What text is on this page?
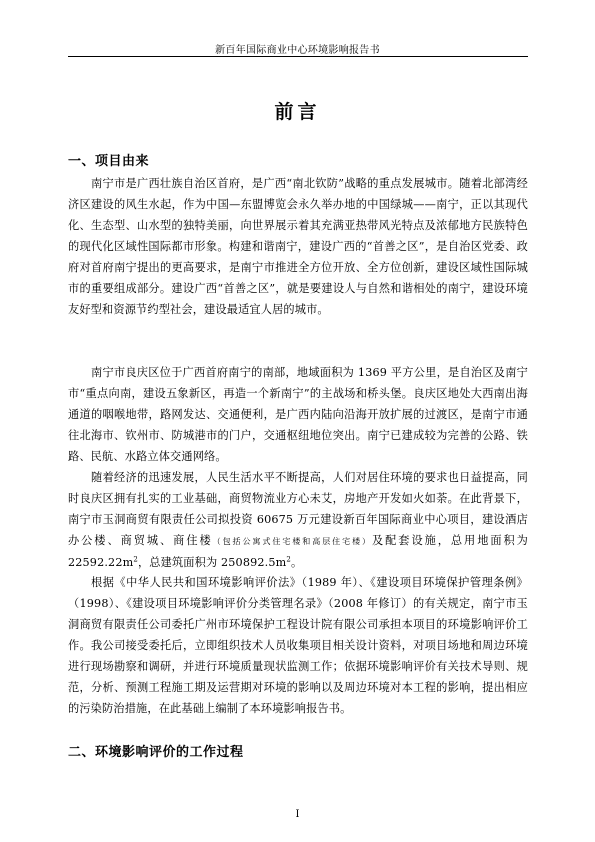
新百年国际商业中心环境影响报告书
前言
一、项目由来

南宁市是广西壮族自治区首府，是广西“南北钦防”战略的重点发展城市。随着北部湾经济区建设的风生水起，作为中国—东盟博览会永久举办地的中国绿城——南宁，正以其现代化、生态型、山水型的独特美丽，向世界展示着其充满亚热带风光特点及浓郁地方民族特色的现代化区域性国际都市形象。构建和谐南宁，建设广西的“首善之区”，是自治区党委、政府对首府南宁提出的更高要求，是南宁市推进全方位开放、全方位创新，建设区域性国际城市的重要组成部分。建设广西“首善之区”，就是要建设人与自然和谐相处的南宁，建设环境友好型和资源节约型社会，建设最适宜人居的城市。

南宁市良庆区位于广西首府南宁的南部，地域面积为 1369 平方公里，是自治区及南宁市“重点向南，建设五象新区，再造一个新南宁”的主战场和桥头堡。良庆区地处大西南出海通道的咽喉地带，路网发达、交通便利，是广西内陆向沿海开放扩展的过渡区，是南宁市通往北海市、钦州市、防城港市的门户，交通枢纽地位突出。南宁已建成较为完善的公路、铁路、民航、水路立体交通网络。

随着经济的迅速发展，人民生活水平不断提高，人们对居住环境的要求也日益提高，同时良庆区拥有扎实的工业基础，商贸物流业方心未艾，房地产开发如火如荼。在此背景下，南宁市玉洞商贸有限责任公司拟投资 60675 万元建设新百年国际商业中心项目，建设酒店办公楼、商贸城、商住楼（包括公寓式住宅楼和高层住宅楼）及配套设施，总用地面积为 $22592.22m^2$，总建筑面积为 $250892.5m^2$。

根据《中华人民共和国环境影响评价法》（1989 年）、《建设项目环境保护管理条例》（1998）、《建设项目环境影响评价分类管理名录》（2008 年修订）的有关规定，南宁市玉洞商贸有限责任公司委托广州市环境保护工程设计院有限公司承担本项目的环境影响评价工作。我公司接受委托后，立即组织技术人员收集项目相关设计资料，对项目场地和周边环境进行现场勘察和调研，并进行环境质量现状监测工作；依据环境影响评价有关技术导则、规范，分析、预测工程施工期及运营期对环境的影响以及周边环境对本工程的影响，提出相应的污染防治措施，在此基础上编制了本环境影响报告书。

二、环境影响评价的工作过程
I
